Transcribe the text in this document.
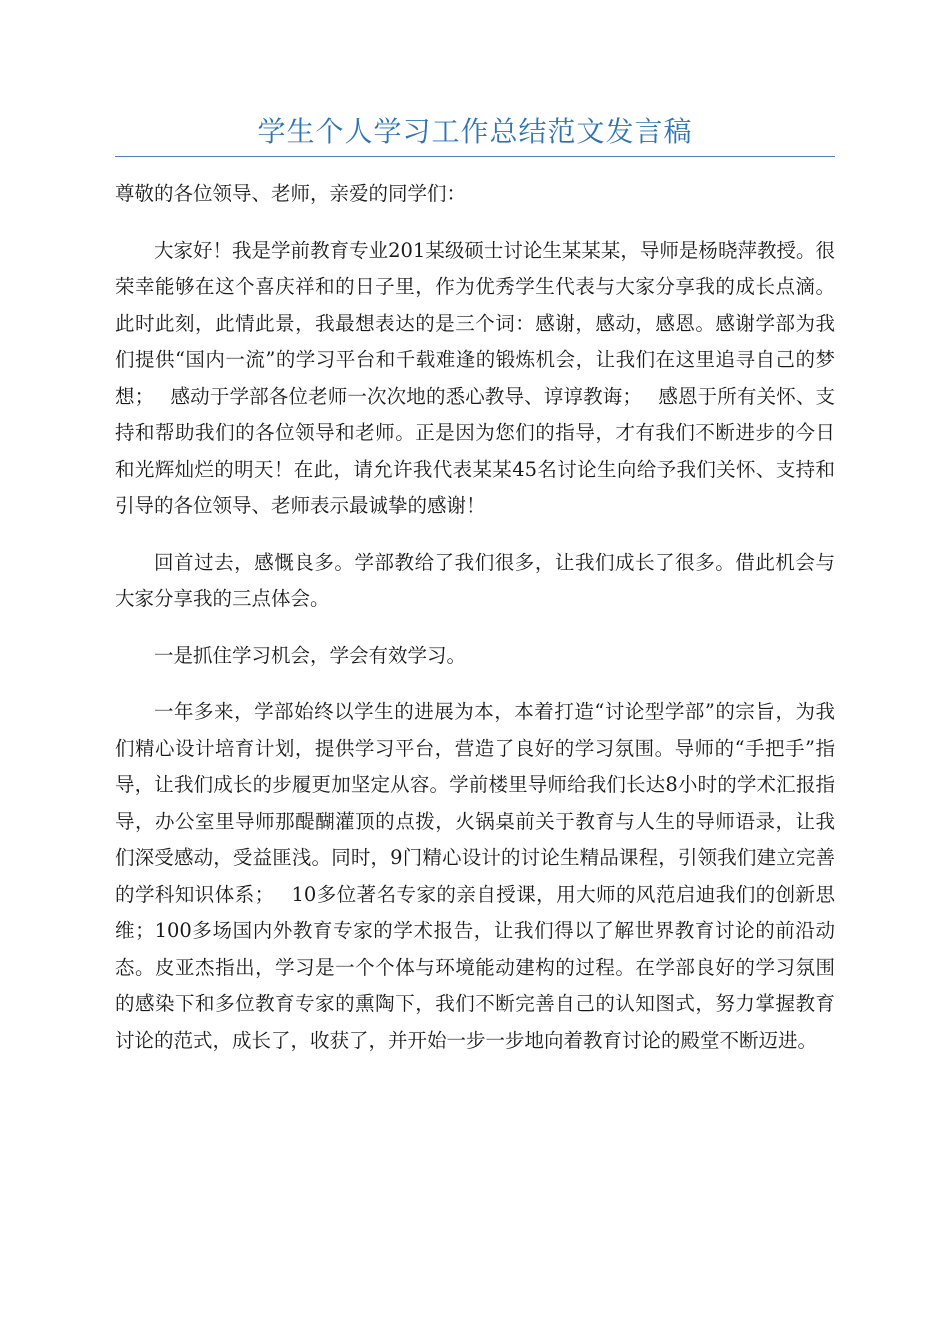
学生个人学习工作总结范文发言稿

尊敬的各位领导、老师，亲爱的同学们：

大家好！我是学前教育专业201某级硕士讨论生某某某，导师是杨晓萍教授。很荣幸能够在这个喜庆祥和的日子里，作为优秀学生代表与大家分享我的成长点滴。此时此刻，此情此景，我最想表达的是三个词：感谢，感动，感恩。感谢学部为我们提供“国内一流”的学习平台和千载难逢的锻炼机会，让我们在这里追寻自己的梦想；　 感动于学部各位老师一次次地的悉心教导、谆谆教诲；　 感恩于所有关怀、支持和帮助我们的各位领导和老师。正是因为您们的指导，才有我们不断进步的今日和光辉灿烂的明天！在此，请允许我代表某某45名讨论生向给予我们关怀、支持和引导的各位领导、老师表示最诚挚的感谢！

回首过去，感慨良多。学部教给了我们很多，让我们成长了很多。借此机会与大家分享我的三点体会。

一是抓住学习机会，学会有效学习。

一年多来，学部始终以学生的进展为本，本着打造“讨论型学部”的宗旨，为我们精心设计培育计划，提供学习平台，营造了良好的学习氛围。导师的“手把手”指导，让我们成长的步履更加坚定从容。学前楼里导师给我们长达8小时的学术汇报指导，办公室里导师那醍醐灌顶的点拨，火锅桌前关于教育与人生的导师语录，让我们深受感动，受益匪浅。同时，9门精心设计的讨论生精品课程，引领我们建立完善的学科知识体系；　 10多位著名专家的亲自授课，用大师的风范启迪我们的创新思维；100多场国内外教育专家的学术报告，让我们得以了解世界教育讨论的前沿动态。皮亚杰指出，学习是一个个体与环境能动建构的过程。在学部良好的学习氛围的感染下和多位教育专家的熏陶下，我们不断完善自己的认知图式，努力掌握教育讨论的范式，成长了，收获了，并开始一步一步地向着教育讨论的殿堂不断迈进。
